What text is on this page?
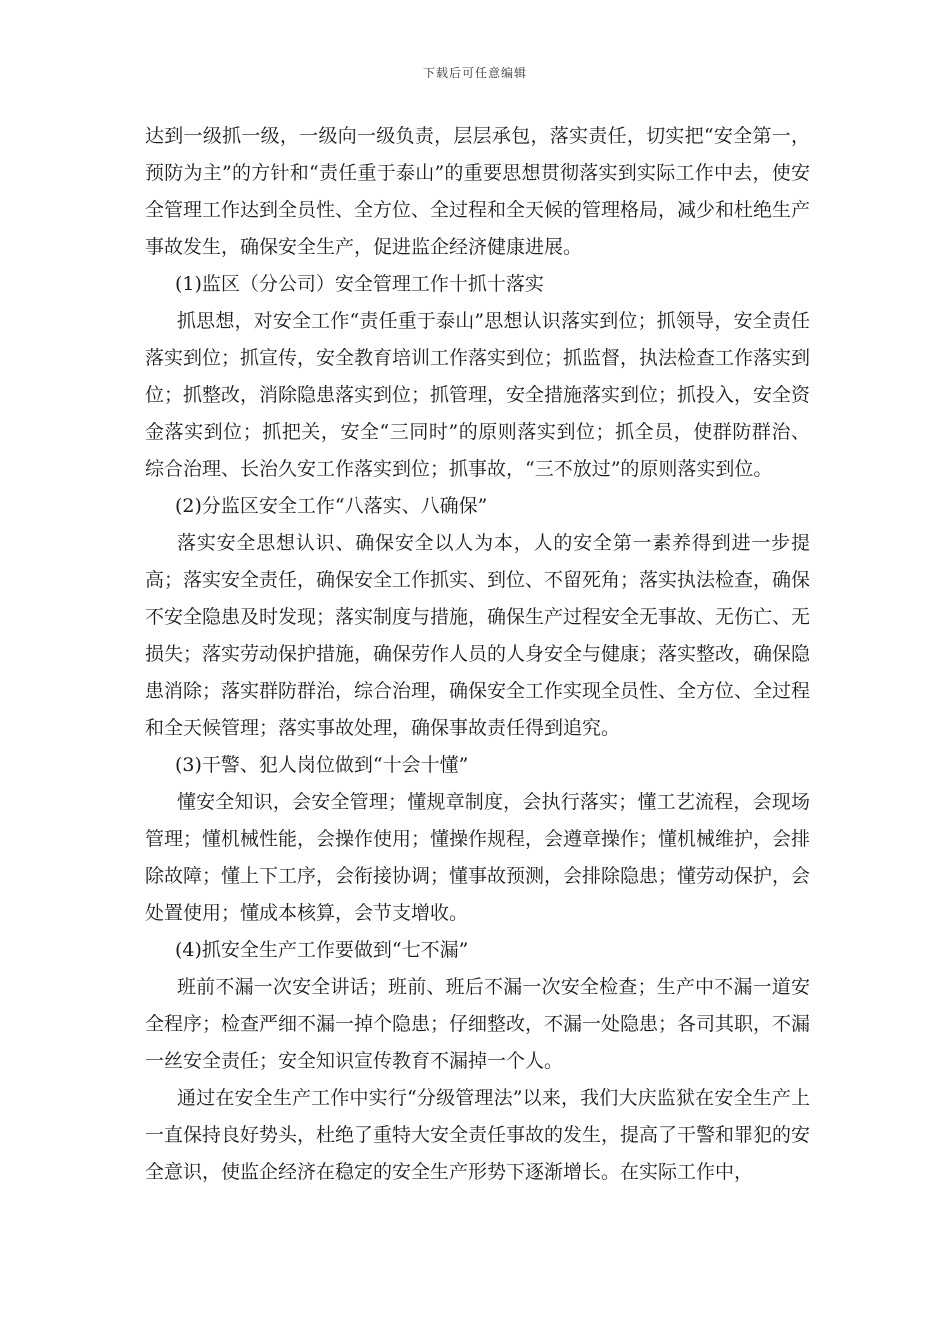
下载后可任意编辑

达到一级抓一级，一级向一级负责，层层承包，落实责任，切实把“安全第一，预防为主”的方针和“责任重于泰山”的重要思想贯彻落实到实际工作中去，使安全管理工作达到全员性、全方位、全过程和全天候的管理格局，减少和杜绝生产事故发生，确保安全生产，促进监企经济健康进展。

(1)监区（分公司）安全管理工作十抓十落实

抓思想，对安全工作“责任重于泰山”思想认识落实到位；抓领导，安全责任落实到位；抓宣传，安全教育培训工作落实到位；抓监督，执法检查工作落实到位；抓整改，消除隐患落实到位；抓管理，安全措施落实到位；抓投入，安全资金落实到位；抓把关，安全“三同时”的原则落实到位；抓全员，使群防群治、综合治理、长治久安工作落实到位；抓事故，“三不放过”的原则落实到位。

(2)分监区安全工作“八落实、八确保”

落实安全思想认识、确保安全以人为本，人的安全第一素养得到进一步提高；落实安全责任，确保安全工作抓实、到位、不留死角；落实执法检查，确保不安全隐患及时发现；落实制度与措施，确保生产过程安全无事故、无伤亡、无损失；落实劳动保护措施，确保劳作人员的人身安全与健康；落实整改，确保隐患消除；落实群防群治，综合治理，确保安全工作实现全员性、全方位、全过程和全天候管理；落实事故处理，确保事故责任得到追究。

(3)干警、犯人岗位做到“十会十懂”

懂安全知识，会安全管理；懂规章制度，会执行落实；懂工艺流程，会现场管理；懂机械性能，会操作使用；懂操作规程，会遵章操作；懂机械维护，会排除故障；懂上下工序，会衔接协调；懂事故预测，会排除隐患；懂劳动保护，会处置使用；懂成本核算，会节支增收。

(4)抓安全生产工作要做到“七不漏”

班前不漏一次安全讲话；班前、班后不漏一次安全检查；生产中不漏一道安全程序；检查严细不漏一掉个隐患；仔细整改，不漏一处隐患；各司其职，不漏一丝安全责任；安全知识宣传教育不漏掉一个人。

通过在安全生产工作中实行“分级管理法”以来，我们大庆监狱在安全生产上一直保持良好势头，杜绝了重特大安全责任事故的发生，提高了干警和罪犯的安全意识，使监企经济在稳定的安全生产形势下逐渐增长。在实际工作中，
